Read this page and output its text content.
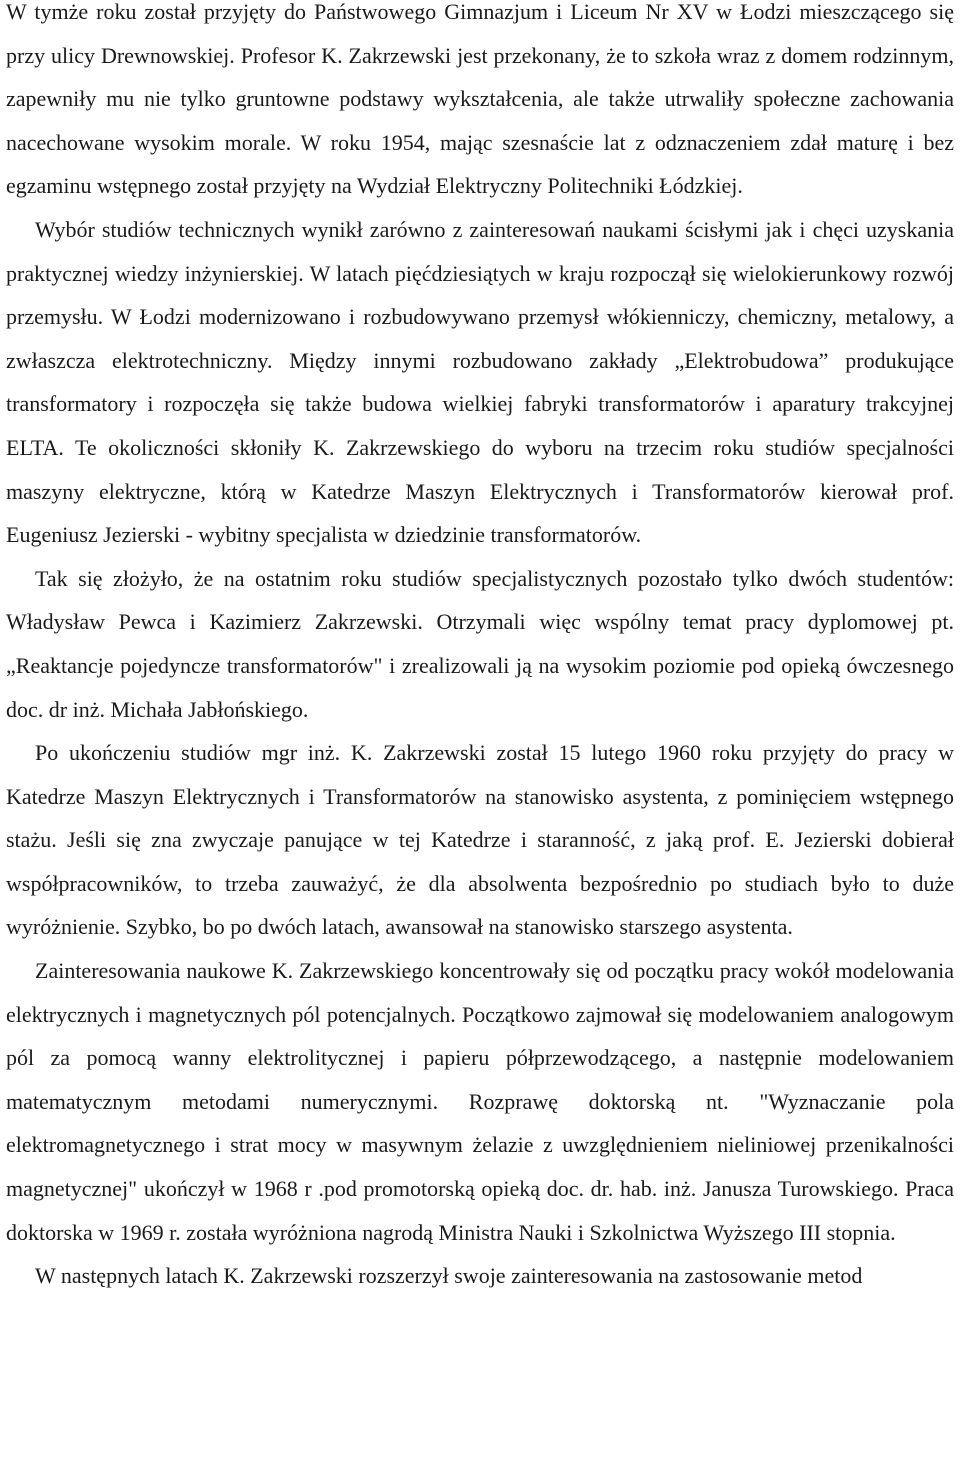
W tymże roku został przyjęty do Państwowego Gimnazjum i Liceum Nr XV w Łodzi mieszczącego się przy ulicy Drewnowskiej. Profesor K. Zakrzewski jest przekonany, że to szkoła wraz z domem rodzinnym, zapewniły mu nie tylko gruntowne podstawy wykształcenia, ale także utrwaliły społeczne zachowania nacechowane wysokim morale. W roku 1954, mając szesnaście lat z odznaczeniem zdał maturę i bez egzaminu wstępnego został przyjęty na Wydział Elektryczny Politechniki Łódzkiej.

Wybór studiów technicznych wynikł zarówno z zainteresowań naukami ścisłymi jak i chęci uzyskania praktycznej wiedzy inżynierskiej. W latach pięćdziesiątych w kraju rozpoczął się wielokierunkowy rozwój przemysłu. W Łodzi modernizowano i rozbudowywano przemysł włókienniczy, chemiczny, metalowy, a zwłaszcza elektrotechniczny. Między innymi rozbudowano zakłady „Elektrobudowa” produkujące transformatory i rozpoczęła się także budowa wielkiej fabryki transformatorów i aparatury trakcyjnej ELTA. Te okoliczności skłoniły K. Zakrzewskiego do wyboru na trzecim roku studiów specjalności maszyny elektryczne, którą w Katedrze Maszyn Elektrycznych i Transformatorów kierował prof. Eugeniusz Jezierski - wybitny specjalista w dziedzinie transformatorów.

Tak się złożyło, że na ostatnim roku studiów specjalistycznych pozostało tylko dwóch studentów: Władysław Pewca i Kazimierz Zakrzewski. Otrzymali więc wspólny temat pracy dyplomowej pt. „Reaktancje pojedyncze transformatorów" i zrealizowali ją na wysokim poziomie pod opieką ówczesnego doc. dr inż. Michała Jabłońskiego.

Po ukończeniu studiów mgr inż. K. Zakrzewski został 15 lutego 1960 roku przyjęty do pracy w Katedrze Maszyn Elektrycznych i Transformatorów na stanowisko asystenta, z pominięciem wstępnego stażu. Jeśli się zna zwyczaje panujące w tej Katedrze i staranność, z jaką prof. E. Jezierski dobierał współpracowników, to trzeba zauważyć, że dla absolwenta bezpośrednio po studiach było to duże wyróżnienie. Szybko, bo po dwóch latach, awansował na stanowisko starszego asystenta.

Zainteresowania naukowe K. Zakrzewskiego koncentrowały się od początku pracy wokół modelowania elektrycznych i magnetycznych pól potencjalnych. Początkowo zajmował się modelowaniem analogowym pól za pomocą wanny elektrolitycznej i papieru półprzewodzącego, a następnie modelowaniem matematycznym metodami numerycznymi. Rozprawę doktorską nt. "Wyznaczanie pola elektromagnetycznego i strat mocy w masywnym żelazie z uwzględnieniem nieliniowej przenikalności magnetycznej" ukończył w 1968 r .pod promotorską opieką doc. dr. hab. inż. Janusza Turowskiego. Praca doktorska w 1969 r. została wyróżniona nagrodą Ministra Nauki i Szkolnictwa Wyższego III stopnia.

W następnych latach K. Zakrzewski rozszerzył swoje zainteresowania na zastosowanie metod
